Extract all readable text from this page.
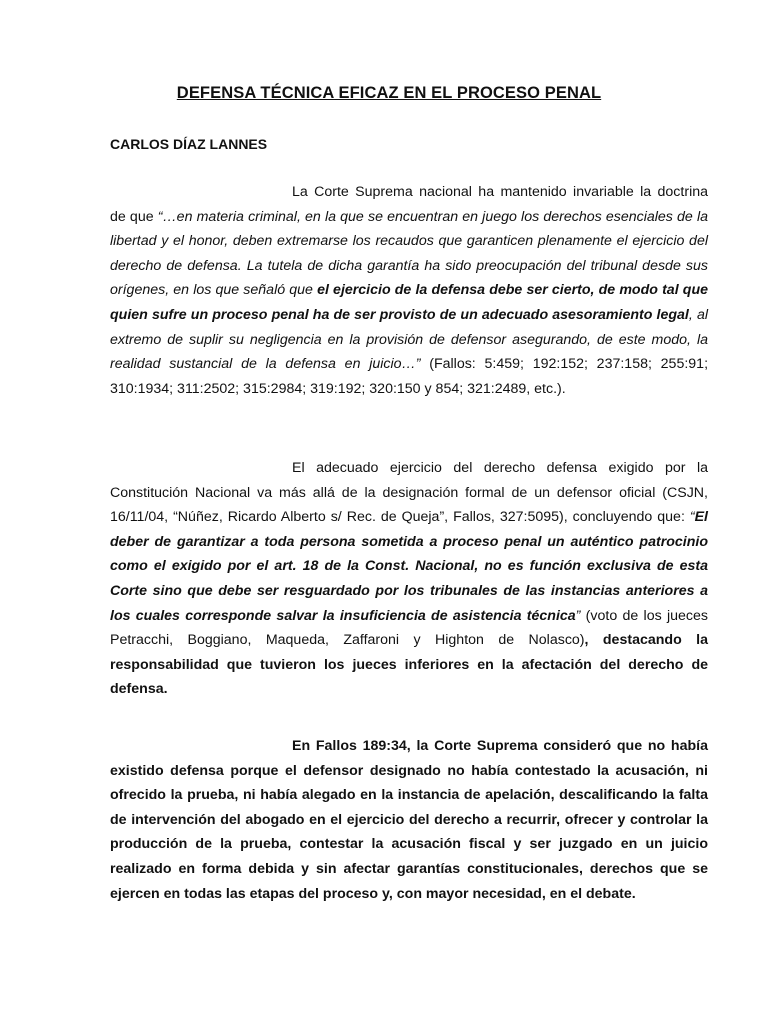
DEFENSA TÉCNICA EFICAZ EN EL PROCESO PENAL
CARLOS DÍAZ LANNES

La Corte Suprema nacional ha mantenido invariable la doctrina de que “…en materia criminal, en la que se encuentran en juego los derechos esenciales de la libertad y el honor, deben extremarse los recaudos que garanticen plenamente el ejercicio del derecho de defensa. La tutela de dicha garantía ha sido preocupación del tribunal desde sus orígenes, en los que señaló que el ejercicio de la defensa debe ser cierto, de modo tal que quien sufre un proceso penal ha de ser provisto de un adecuado asesoramiento legal, al extremo de suplir su negligencia en la provisión de defensor asegurando, de este modo, la realidad sustancial de la defensa en juicio…” (Fallos: 5:459; 192:152; 237:158; 255:91; 310:1934; 311:2502; 315:2984; 319:192; 320:150 y 854; 321:2489, etc.).

El adecuado ejercicio del derecho defensa exigido por la Constitución Nacional va más allá de la designación formal de un defensor oficial (CSJN, 16/11/04, “Núñez, Ricardo Alberto s/ Rec. de Queja”, Fallos, 327:5095), concluyendo que: “El deber de garantizar a toda persona sometida a proceso penal un auténtico patrocinio como el exigido por el art. 18 de la Const. Nacional, no es función exclusiva de esta Corte sino que debe ser resguardado por los tribunales de las instancias anteriores a los cuales corresponde salvar la insuficiencia de asistencia técnica” (voto de los jueces Petracchi, Boggiano, Maqueda, Zaffaroni y Highton de Nolasco), destacando la responsabilidad que tuvieron los jueces inferiores en la afectación del derecho de defensa.

En Fallos 189:34, la Corte Suprema consideró que no había existido defensa porque el defensor designado no había contestado la acusación, ni ofrecido la prueba, ni había alegado en la instancia de apelación, descalificando la falta de intervención del abogado en el ejercicio del derecho a recurrir, ofrecer y controlar la producción de la prueba, contestar la acusación fiscal y ser juzgado en un juicio realizado en forma debida y sin afectar garantías constitucionales, derechos que se ejercen en todas las etapas del proceso y, con mayor necesidad, en el debate.
